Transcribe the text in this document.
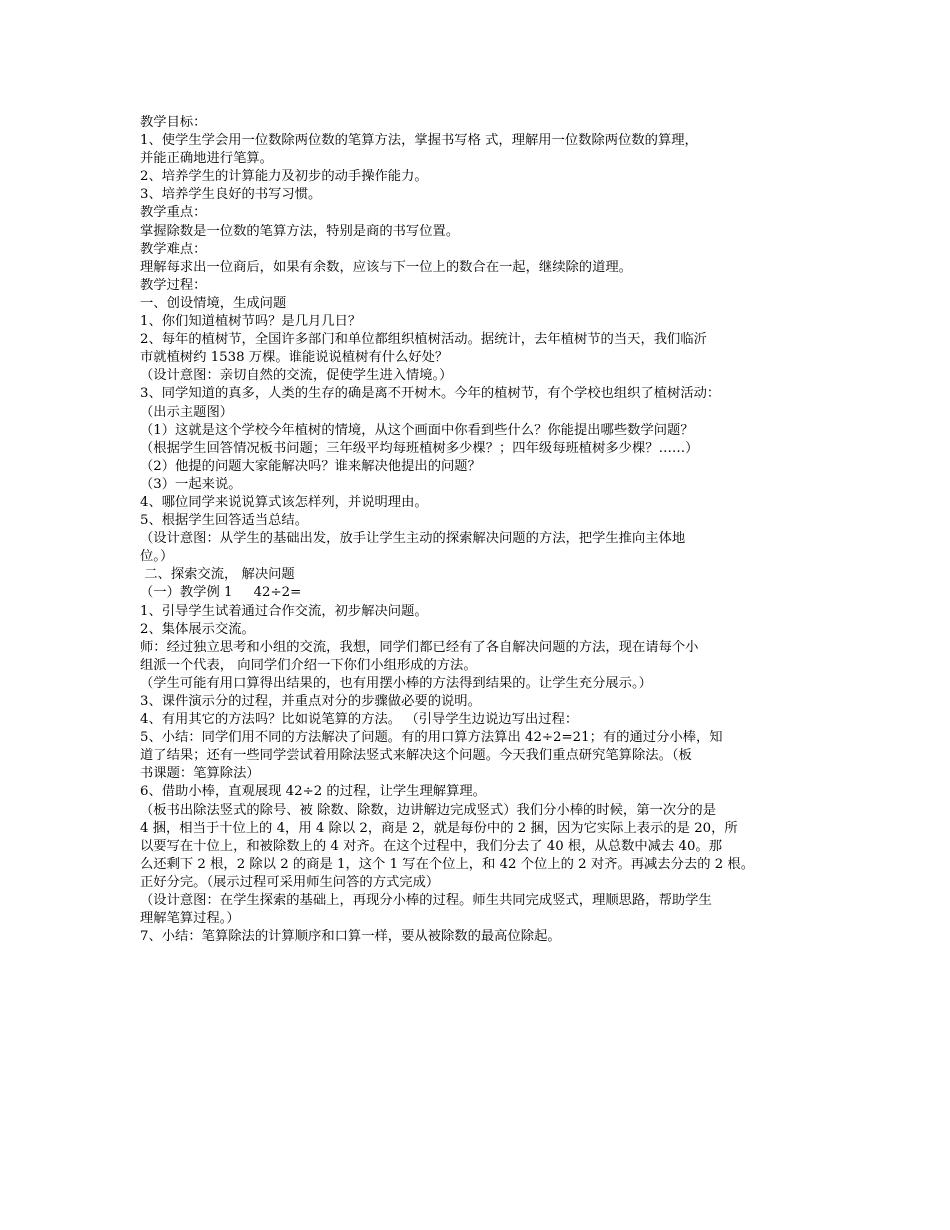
教学目标：
1、使学生学会用一位数除两位数的笔算方法，掌握书写格 式，理解用一位数除两位数的算理，
并能正确地进行笔算。
2、培养学生的计算能力及初步的动手操作能力。
3、培养学生良好的书写习惯。
教学重点：
掌握除数是一位数的笔算方法，特别是商的书写位置。
教学难点：
理解每求出一位商后，如果有余数，应该与下一位上的数合在一起，继续除的道理。
教学过程：
一、创设情境，生成问题
1、你们知道植树节吗？是几月几日？
2、每年的植树节，全国许多部门和单位都组织植树活动。据统计，去年植树节的当天，我们临沂
市就植树约 1538 万棵。谁能说说植树有什么好处？
（设计意图：亲切自然的交流，促使学生进入情境。）
3、同学知道的真多，人类的生存的确是离不开树木。今年的植树节，有个学校也组织了植树活动：
（出示主题图）
（1）这就是这个学校今年植树的情境，从这个画面中你看到些什么？你能提出哪些数学问题？
（根据学生回答情况板书问题；三年级平均每班植树多少棵？；四年级每班植树多少棵？……）
（2）他提的问题大家能解决吗？谁来解决他提出的问题？
（3）一起来说。
4、哪位同学来说说算式该怎样列，并说明理由。
5、根据学生回答适当总结。
（设计意图：从学生的基础出发，放手让学生主动的探索解决问题的方法，把学生推向主体地
位。）
二、探索交流， 解决问题
（一）教学例 1     42÷2=
1、引导学生试着通过合作交流，初步解决问题。
2、集体展示交流。
师：经过独立思考和小组的交流，我想，同学们都已经有了各自解决问题的方法，现在请每个小
组派一个代表， 向同学们介绍一下你们小组形成的方法。
（学生可能有用口算得出结果的，也有用摆小棒的方法得到结果的。让学生充分展示。）
3、课件演示分的过程，并重点对分的步骤做必要的说明。
4、有用其它的方法吗？比如说笔算的方法。 （引导学生边说边写出过程：
5、小结：同学们用不同的方法解决了问题。有的用口算方法算出 42÷2=21；有的通过分小棒，知
道了结果；还有一些同学尝试着用除法竖式来解决这个问题。今天我们重点研究笔算除法。（板
书课题：笔算除法）
6、借助小棒，直观展现 42÷2 的过程，让学生理解算理。
（板书出除法竖式的除号、被 除数、除数，边讲解边完成竖式）我们分小棒的时候，第一次分的是
4 捆，相当于十位上的 4，用 4 除以 2，商是 2，就是每份中的 2 捆，因为它实际上表示的是 20，所
以要写在十位上，和被除数上的 4 对齐。在这个过程中，我们分去了 40 根，从总数中减去 40。那
么还剩下 2 根，2 除以 2 的商是 1，这个 1 写在个位上，和 42 个位上的 2 对齐。再减去分去的 2 根。
正好分完。（展示过程可采用师生问答的方式完成）
（设计意图：在学生探索的基础上，再现分小棒的过程。师生共同完成竖式，理顺思路，帮助学生
理解笔算过程。）
7、小结：笔算除法的计算顺序和口算一样，要从被除数的最高位除起。
